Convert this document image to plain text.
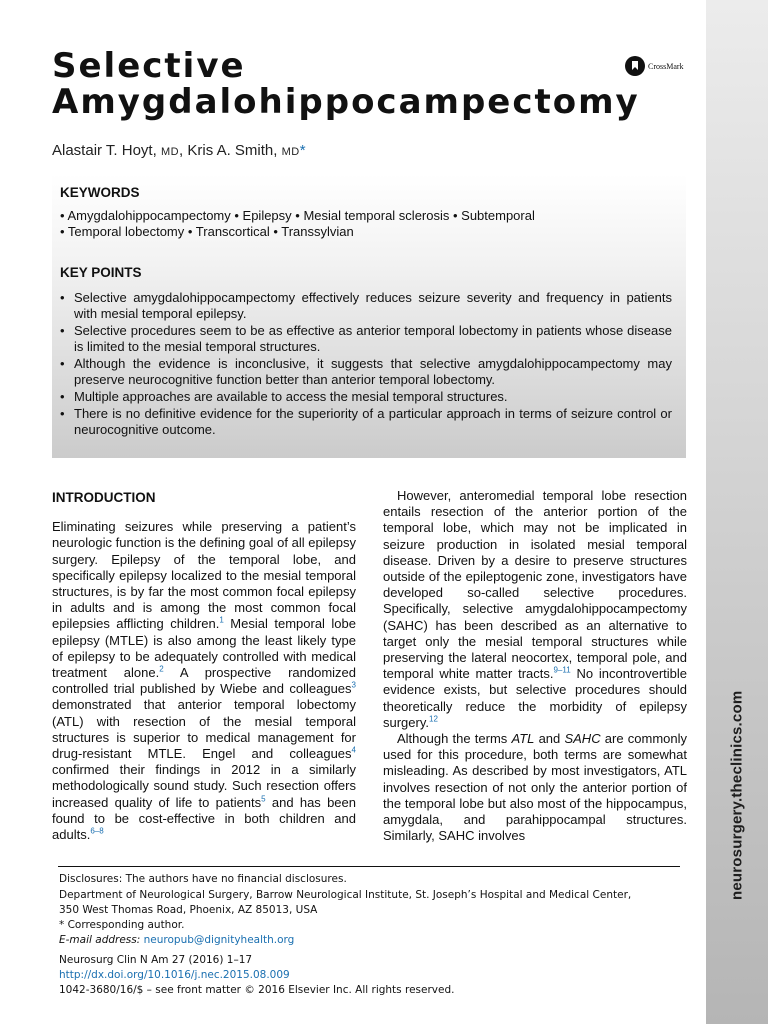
neurosurgery.theclinics.com
Selective
Amygdalohippocampectomy
CrossMark
Alastair T. Hoyt, MD, Kris A. Smith, MD*
KEYWORDS
• Amygdalohippocampectomy • Epilepsy • Mesial temporal sclerosis • Subtemporal
• Temporal lobectomy • Transcortical • Transsylvian
KEY POINTS
• Selective amygdalohippocampectomy effectively reduces seizure severity and frequency in patients with mesial temporal epilepsy.
• Selective procedures seem to be as effective as anterior temporal lobectomy in patients whose disease is limited to the mesial temporal structures.
• Although the evidence is inconclusive, it suggests that selective amygdalohippocampectomy may preserve neurocognitive function better than anterior temporal lobectomy.
• Multiple approaches are available to access the mesial temporal structures.
• There is no definitive evidence for the superiority of a particular approach in terms of seizure control or neurocognitive outcome.
INTRODUCTION

Eliminating seizures while preserving a patient’s neurologic function is the defining goal of all epilepsy surgery. Epilepsy of the temporal lobe, and specifically epilepsy localized to the mesial temporal structures, is by far the most common focal epilepsy in adults and is among the most common focal epilepsies afflicting children.$^1$ Mesial temporal lobe epilepsy (MTLE) is also among the least likely type of epilepsy to be adequately controlled with medical treatment alone.$^2$ A prospective randomized controlled trial published by Wiebe and colleagues$^3$ demonstrated that anterior temporal lobectomy (ATL) with resection of the mesial temporal structures is superior to medical management for drug-resistant MTLE. Engel and colleagues$^4$ confirmed their findings in 2012 in a similarly methodologically sound study. Such resection offers increased quality of life to patients$^5$ and has been found to be cost-effective in both children and adults.$^{6-8}$

However, anteromedial temporal lobe resection entails resection of the anterior portion of the temporal lobe, which may not be implicated in seizure production in isolated mesial temporal disease. Driven by a desire to preserve structures outside of the epileptogenic zone, investigators have developed so-called selective procedures. Specifically, selective amygdalohippocampectomy (SAHC) has been described as an alternative to target only the mesial temporal structures while preserving the lateral neocortex, temporal pole, and temporal white matter tracts.$^{9-11}$ No incontrovertible evidence exists, but selective procedures should theoretically reduce the morbidity of epilepsy surgery.$^{12}$

Although the terms ATL and SAHC are commonly used for this procedure, both terms are somewhat misleading. As described by most investigators, ATL involves resection of not only the anterior portion of the temporal lobe but also most of the hippocampus, amygdala, and parahippocampal structures. Similarly, SAHC involves

Disclosures: The authors have no financial disclosures.
Department of Neurological Surgery, Barrow Neurological Institute, St. Joseph’s Hospital and Medical Center,
350 West Thomas Road, Phoenix, AZ 85013, USA
* Corresponding author.
E-mail address: neuropub@dignityhealth.org
Neurosurg Clin N Am 27 (2016) 1–17
http://dx.doi.org/10.1016/j.nec.2015.08.009
1042-3680/16/$ – see front matter © 2016 Elsevier Inc. All rights reserved.
